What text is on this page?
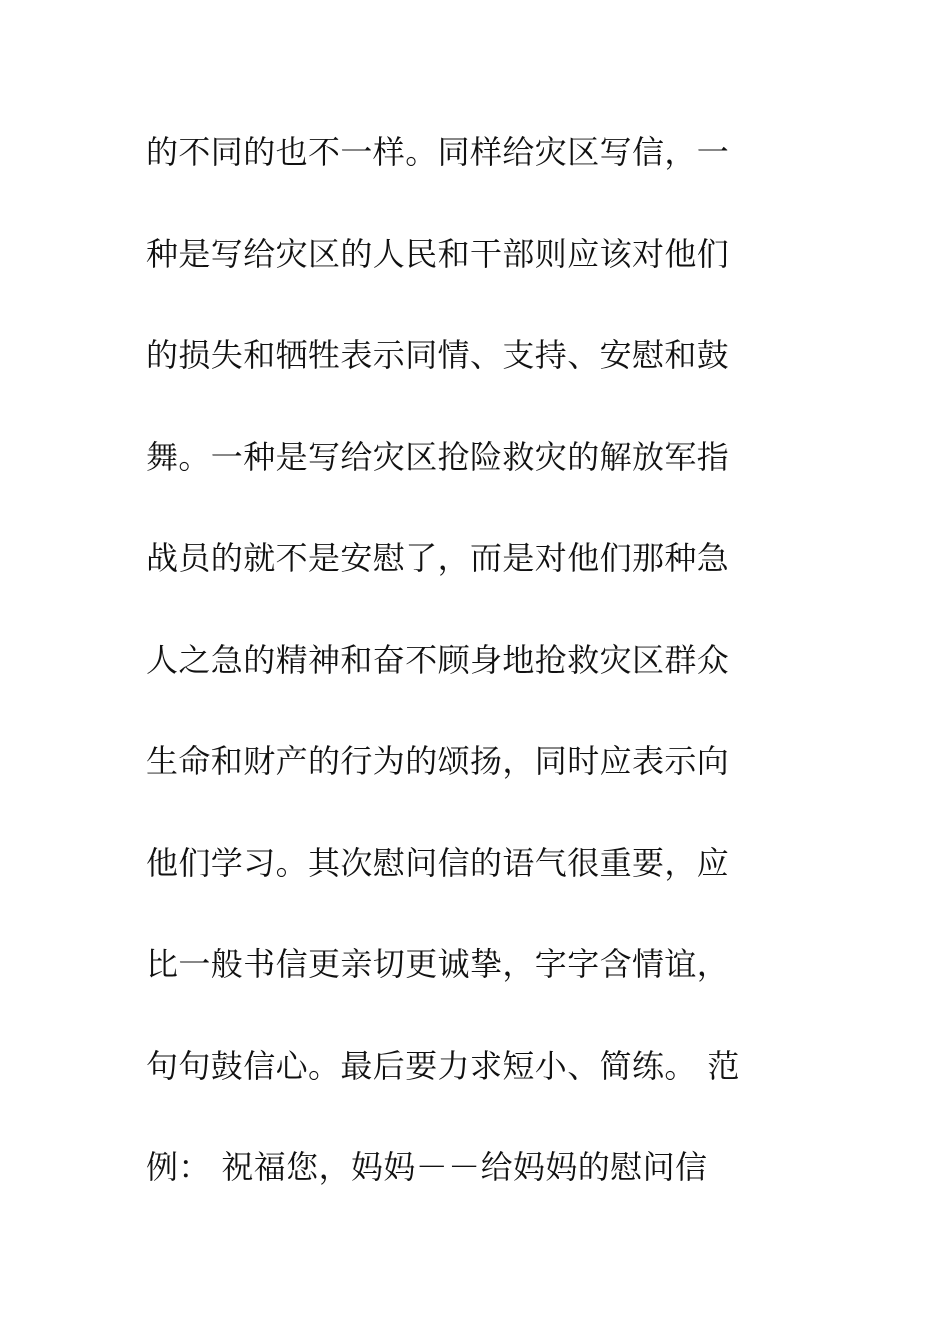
的不同的也不一样。同样给灾区写信，一
种是写给灾区的人民和干部则应该对他们
的损失和牺牲表示同情、支持、安慰和鼓
舞。一种是写给灾区抢险救灾的解放军指
战员的就不是安慰了，而是对他们那种急
人之急的精神和奋不顾身地抢救灾区群众
生命和财产的行为的颂扬，同时应表示向
他们学习。其次慰问信的语气很重要，应
比一般书信更亲切更诚挚，字字含情谊，
句句鼓信心。最后要力求短小、简练。 范
例： 祝福您，妈妈－－给妈妈的慰问信
